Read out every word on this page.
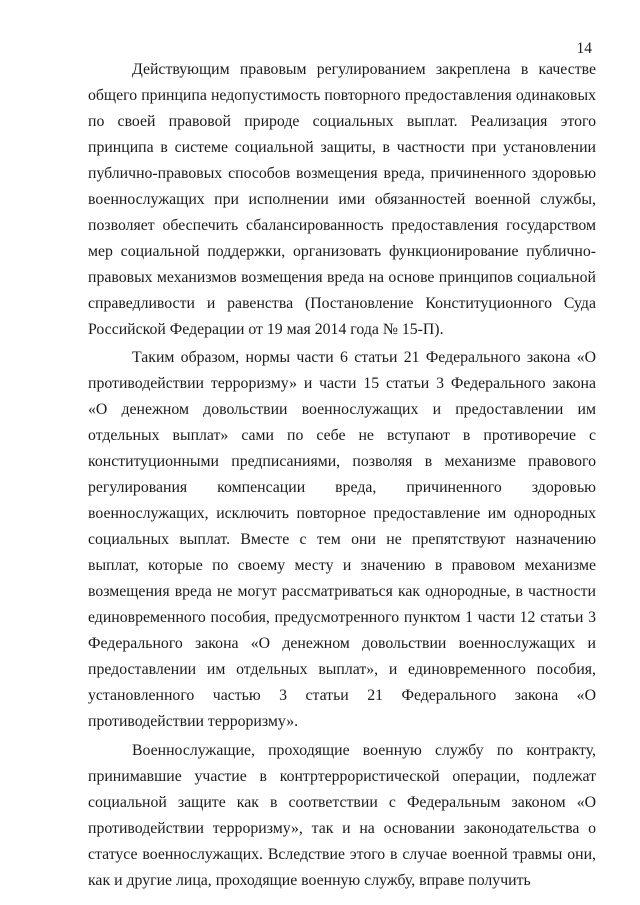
14

Действующим правовым регулированием закреплена в качестве общего принципа недопустимость повторного предоставления одинаковых по своей правовой природе социальных выплат. Реализация этого принципа в системе социальной защиты, в частности при установлении публично-правовых способов возмещения вреда, причиненного здоровью военнослужащих при исполнении ими обязанностей военной службы, позволяет обеспечить сбалансированность предоставления государством мер социальной поддержки, организовать функционирование публично-правовых механизмов возмещения вреда на основе принципов социальной справедливости и равенства (Постановление Конституционного Суда Российской Федерации от 19 мая 2014 года № 15-П).

Таким образом, нормы части 6 статьи 21 Федерального закона «О противодействии терроризму» и части 15 статьи 3 Федерального закона «О денежном довольствии военнослужащих и предоставлении им отдельных выплат» сами по себе не вступают в противоречие с конституционными предписаниями, позволяя в механизме правового регулирования компенсации вреда, причиненного здоровью военнослужащих, исключить повторное предоставление им однородных социальных выплат. Вместе с тем они не препятствуют назначению выплат, которые по своему месту и значению в правовом механизме возмещения вреда не могут рассматриваться как однородные, в частности единовременного пособия, предусмотренного пунктом 1 части 12 статьи 3 Федерального закона «О денежном довольствии военнослужащих и предоставлении им отдельных выплат», и единовременного пособия, установленного частью 3 статьи 21 Федерального закона «О противодействии терроризму».

Военнослужащие, проходящие военную службу по контракту, принимавшие участие в контртеррористической операции, подлежат социальной защите как в соответствии с Федеральным законом «О противодействии терроризму», так и на основании законодательства о статусе военнослужащих. Вследствие этого в случае военной травмы они, как и другие лица, проходящие военную службу, вправе получить
